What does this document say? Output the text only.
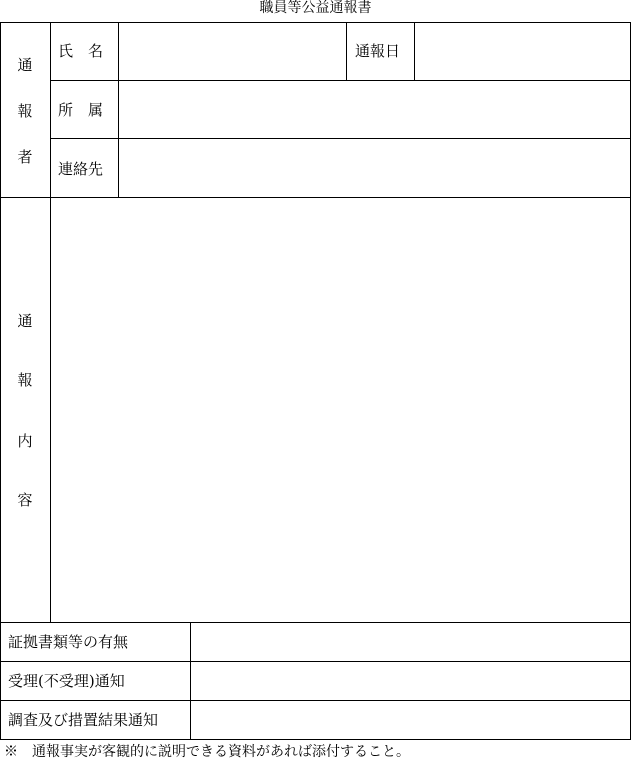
職員等公益通報書
通
報
者
氏　名	通報日
所　属
連絡先
通
報
内
容
証拠書類等の有無
受理(不受理)通知
調査及び措置結果通知
※　通報事実が客観的に説明できる資料があれば添付すること。
